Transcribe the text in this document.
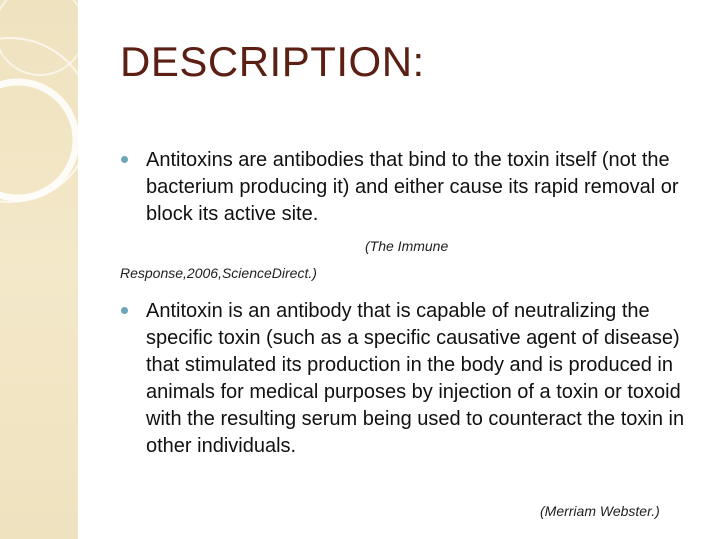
DESCRIPTION:

Antitoxins are antibodies that bind to the toxin itself (not the bacterium producing it) and either cause its rapid removal or block its active site.

(The Immune

Response,2006,ScienceDirect.)

Antitoxin is an antibody that is capable of neutralizing the specific toxin (such as a specific causative agent of disease) that stimulated its production in the body and is produced in animals for medical purposes by injection of a toxin or toxoid with the resulting serum being used to counteract the toxin in other individuals.

(Merriam Webster.)
